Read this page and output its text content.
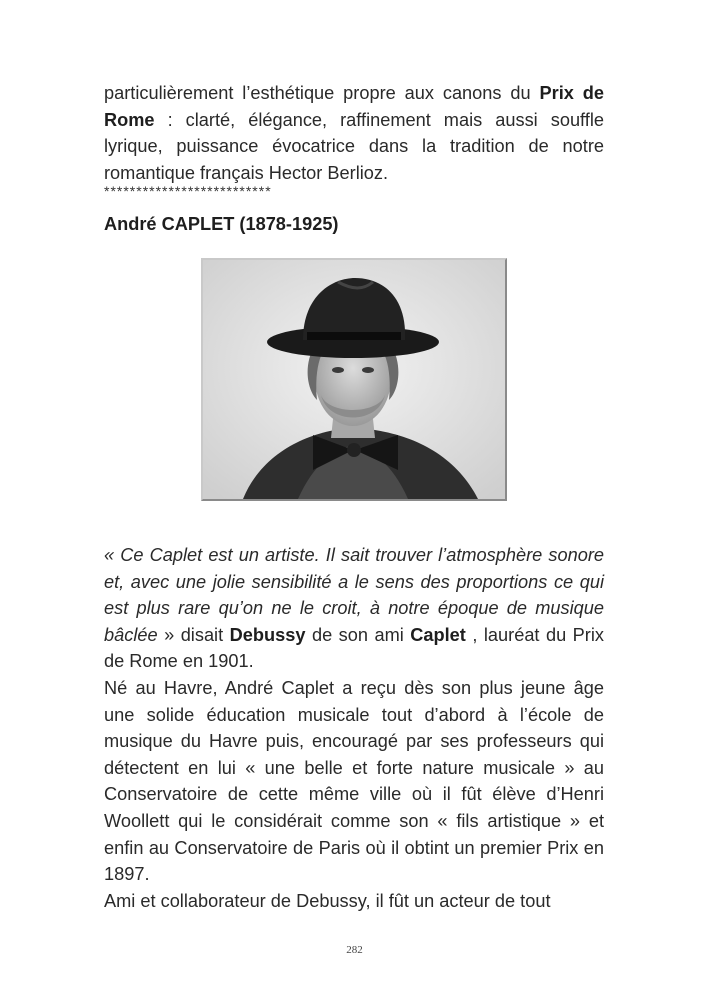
particulièrement l’esthétique propre aux canons du Prix de Rome : clarté, élégance, raffinement mais aussi souffle lyrique, puissance évocatrice dans la tradition de notre romantique français Hector Berlioz.
**************************
André CAPLET (1878-1925)

« Ce Caplet est un artiste. Il sait trouver l’atmosphère sonore et, avec une jolie sensibilité a le sens des proportions ce qui est plus rare qu’on ne le croit, à notre époque de musique bâclée » disait Debussy de son ami Caplet , lauréat du Prix de Rome en 1901.

Né au Havre, André Caplet a reçu dès son plus jeune âge une solide éducation musicale tout d’abord à l’école de musique du Havre puis, encouragé par ses professeurs qui détectent en lui « une belle et forte nature musicale » au Conservatoire de cette même ville où il fût élève d’Henri Woollett qui le considérait comme son « fils artistique » et enfin au Conservatoire de Paris où il obtint un premier Prix en 1897.

Ami et collaborateur de Debussy, il fût un acteur de tout

282
